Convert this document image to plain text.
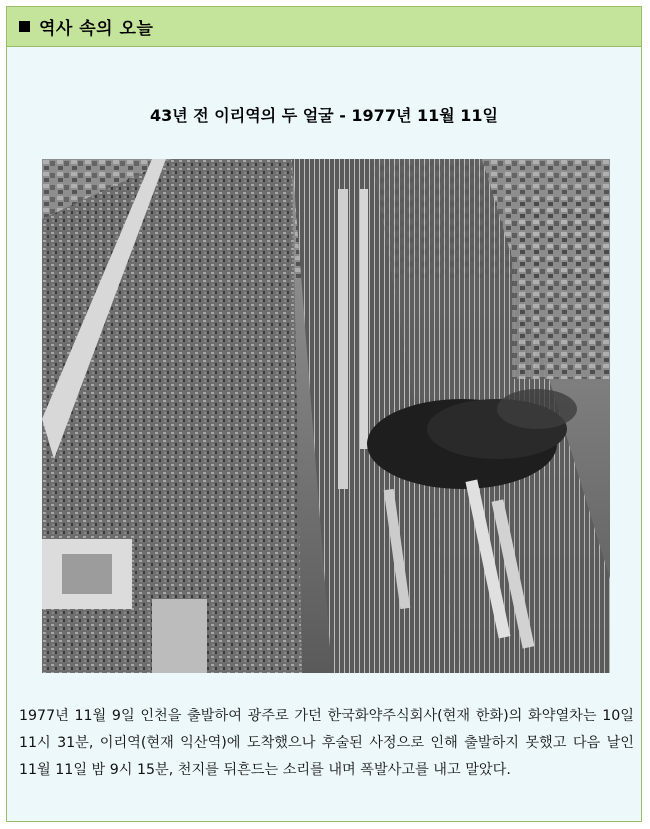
역사 속의 오늘
43년 전 이리역의 두 얼굴 - 1977년 11월 11일
1977년 11월 9일 인천을 출발하여 광주로 가던 한국화약주식회사(현재 한화)의 화약열차는 10일 11시 31분, 이리역(현재 익산역)에 도착했으나 후술된 사정으로 인해 출발하지 못했고 다음 날인 11월 11일 밤 9시 15분, 천지를 뒤흔드는 소리를 내며 폭발사고를 내고 말았다.
